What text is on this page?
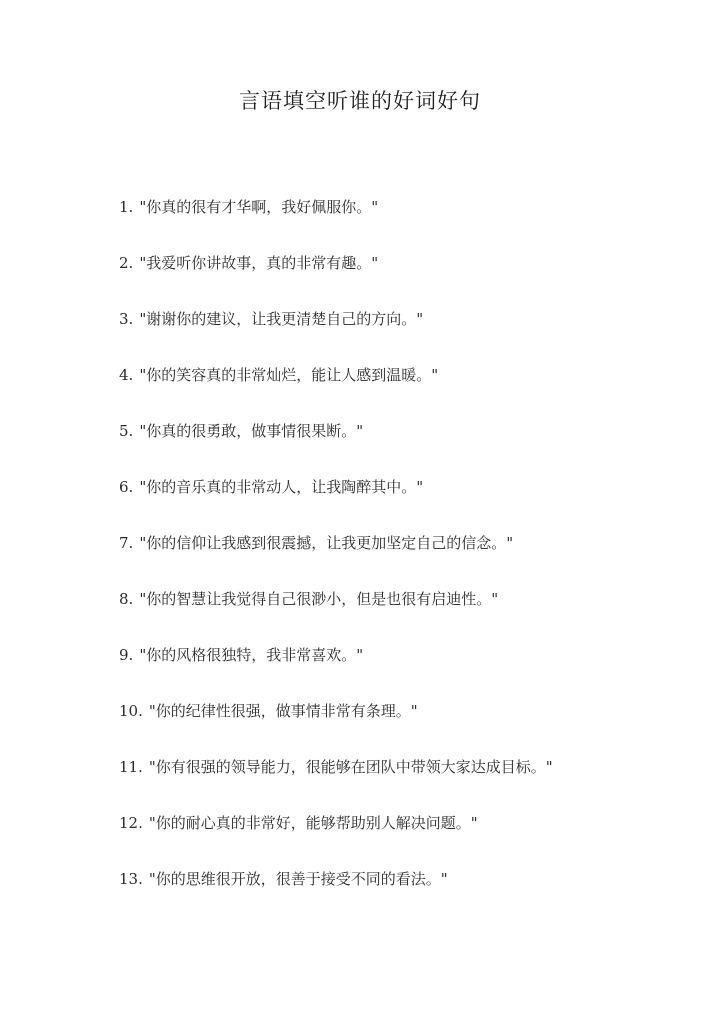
言语填空听谁的好词好句
1. "你真的很有才华啊，我好佩服你。"
2. "我爱听你讲故事，真的非常有趣。"
3. "谢谢你的建议，让我更清楚自己的方向。"
4. "你的笑容真的非常灿烂，能让人感到温暖。"
5. "你真的很勇敢，做事情很果断。"
6. "你的音乐真的非常动人，让我陶醉其中。"
7. "你的信仰让我感到很震撼，让我更加坚定自己的信念。"
8. "你的智慧让我觉得自己很渺小，但是也很有启迪性。"
9. "你的风格很独特，我非常喜欢。"
10. "你的纪律性很强，做事情非常有条理。"
11. "你有很强的领导能力，很能够在团队中带领大家达成目标。"
12. "你的耐心真的非常好，能够帮助别人解决问题。"
13. "你的思维很开放，很善于接受不同的看法。"
